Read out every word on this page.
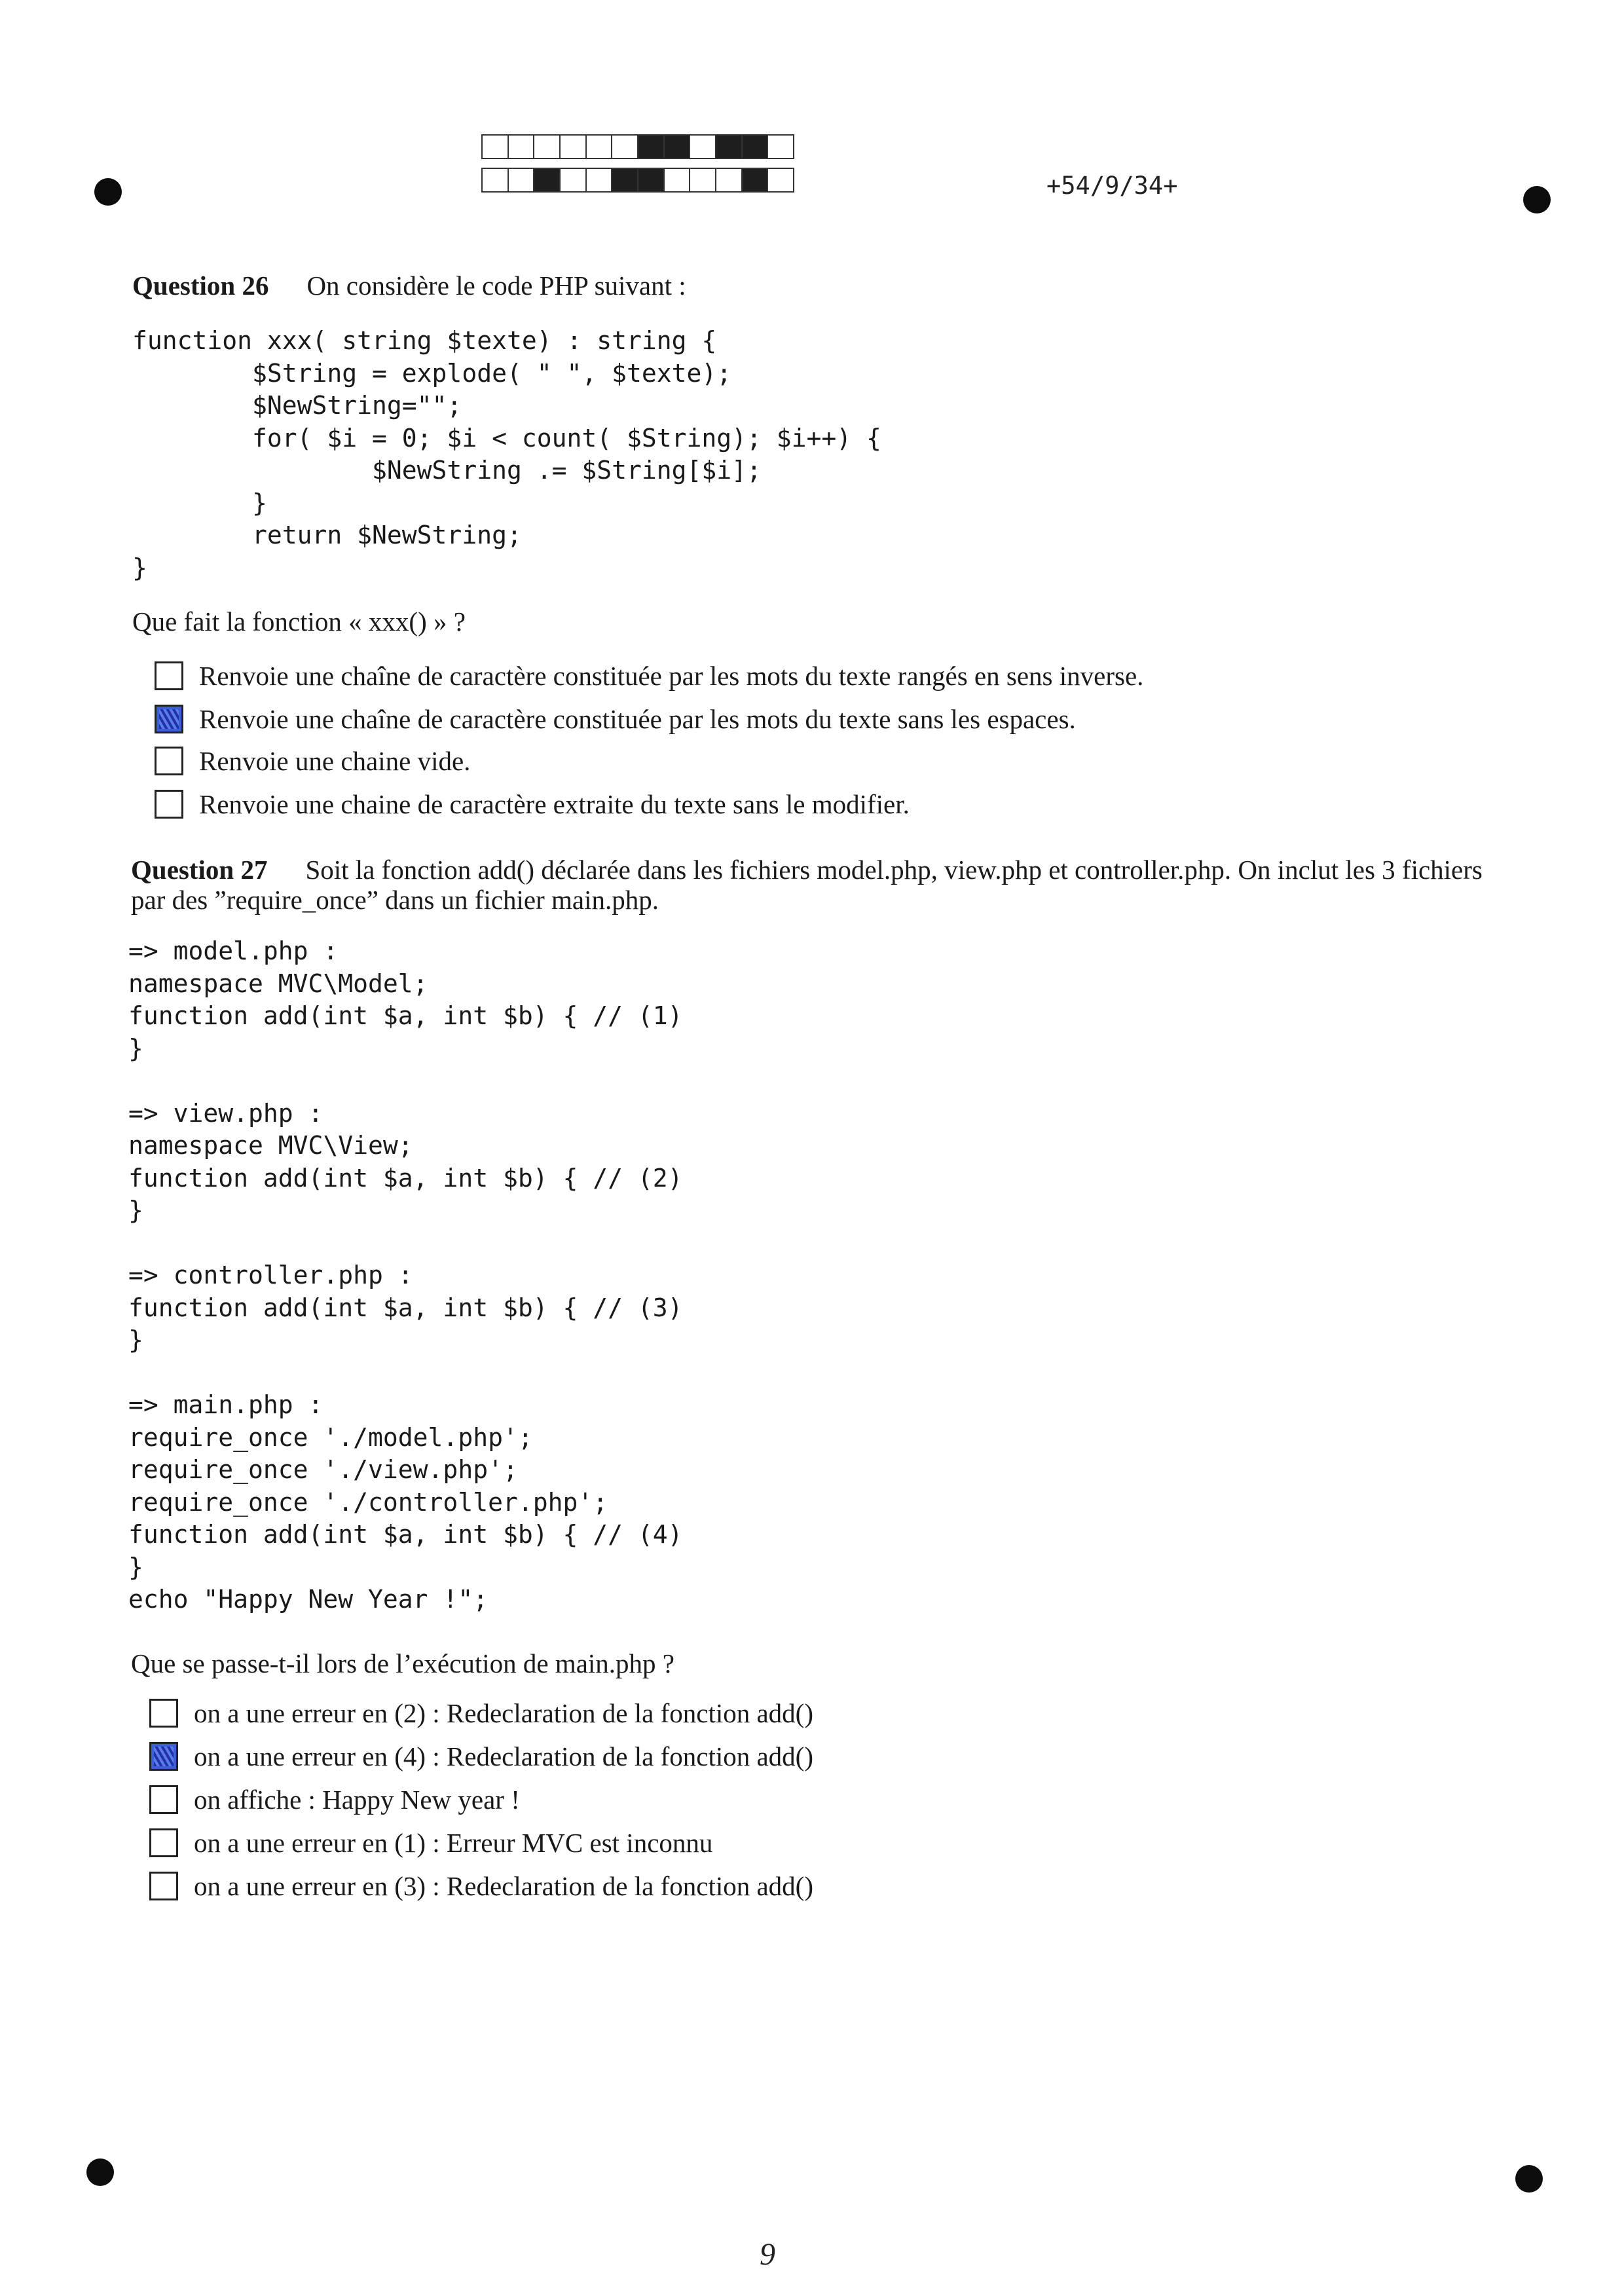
+54/9/34+
Question 26 On considère le code PHP suivant :
function xxx( string $texte) : string {
$String = explode( " ", $texte);
$NewString="";
for( $i = 0; $i < count( $String); $i++) {
$NewString .= $String[$i];
}
return $NewString;
}
Que fait la fonction « xxx() » ?
Renvoie une chaîne de caractère constituée par les mots du texte rangés en sens inverse.
Renvoie une chaîne de caractère constituée par les mots du texte sans les espaces.
Renvoie une chaine vide.
Renvoie une chaine de caractère extraite du texte sans le modifier.
Question 27 Soit la fonction add() déclarée dans les fichiers model.php, view.php et controller.php. On inclut les 3 fichiers
par des ”require_once” dans un fichier main.php.
=> model.php :
namespace MVC\Model;
function add(int $a, int $b) { // (1)
}

=> view.php :
namespace MVC\View;
function add(int $a, int $b) { // (2)
}

=> controller.php :
function add(int $a, int $b) { // (3)
}

=> main.php :
require_once './model.php';
require_once './view.php';
require_once './controller.php';
function add(int $a, int $b) { // (4)
}
echo "Happy New Year !";
Que se passe-t-il lors de l’exécution de main.php ?
on a une erreur en (2) : Redeclaration de la fonction add()
on a une erreur en (4) : Redeclaration de la fonction add()
on affiche : Happy New year !
on a une erreur en (1) : Erreur MVC est inconnu
on a une erreur en (3) : Redeclaration de la fonction add()
9
